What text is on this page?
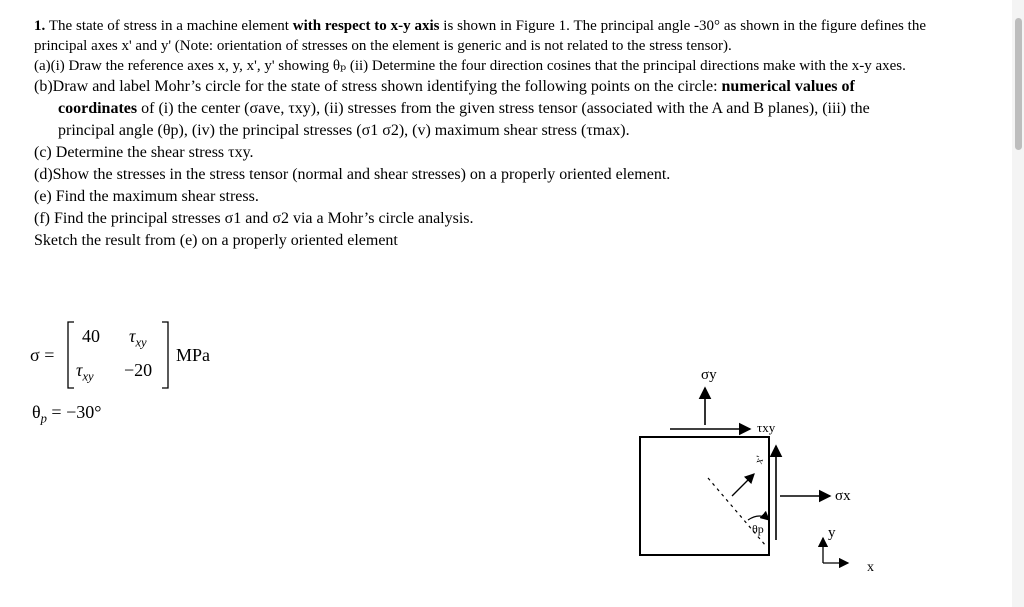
1. The state of stress in a machine element with respect to x-y axis is shown in Figure 1. The principal angle -30° as shown in the figure defines the principal axes x' and y' (Note: orientation of stresses on the element is generic and is not related to the stress tensor).

(a)(i) Draw the reference axes x, y, x', y' showing θₚ (ii) Determine the four direction cosines that the principal directions make with the x-y axes.

(b)Draw and label Mohr’s circle for the state of stress shown identifying the following points on the circle: numerical values of coordinates of (i) the center (σave, τxy), (ii) stresses from the given stress tensor (associated with the A and B planes), (iii) the principal angle (θp), (iv) the principal stresses (σ1 σ2), (v) maximum shear stress (τmax).

(c) Determine the shear stress τxy.

(d)Show the stresses in the stress tensor (normal and shear stresses) on a properly oriented element.

(e) Find the maximum shear stress.

(f) Find the principal stresses σ1 and σ2 via a Mohr’s circle analysis.

Sketch the result from (e) on a properly oriented element

σ =
40 $\tau_{xy}$
$\tau_{xy} -20$
MPa
$\theta_p = -30^\circ$
σy
τxy
σx
x'
θp	y
x
